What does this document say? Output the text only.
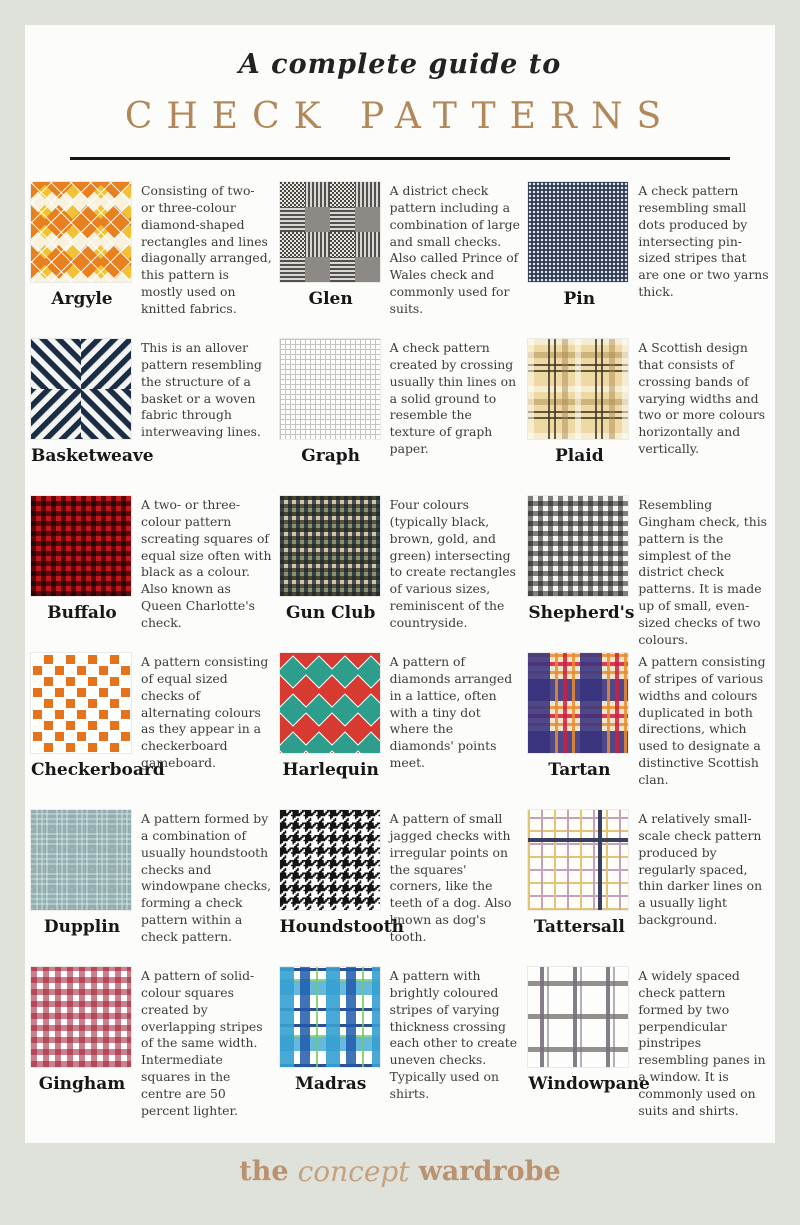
A complete guide to
CHECK PATTERNS
Argyle
Consisting of two- or three-colour diamond-shaped rectangles and lines diagonally arranged, this pattern is mostly used on knitted fabrics.	Glen
A district check pattern including a combination of large and small checks. Also called Prince of Wales check and commonly used for suits.	Pin
A check pattern resembling small dots produced by intersecting pin-sized stripes that are one or two yarns thick.
Basketweave
This is an allover pattern resembling the structure of a basket or a woven fabric through interweaving lines.
Graph
A check pattern created by crossing usually thin lines on a solid ground to resemble the texture of graph paper.	Plaid
A Scottish design that consists of crossing bands of varying widths and two or more colours horizontally and vertically.
Buffalo
A two- or three-colour pattern screating squares of equal size often with black as a colour. Also known as Queen Charlotte's check.	Gun Club
Four colours (typically black, brown, gold, and green) intersecting to create rectangles of various sizes, reminiscent of the countryside.	Shepherd's
Resembling Gingham check, this pattern is the simplest of the district check patterns. It is made up of small, even-sized checks of two colours.
Checkerboard
A pattern consisting of equal sized checks of alternating colours as they appear in a checkerboard gameboard.	Harlequin
A pattern of diamonds arranged in a lattice, often with a tiny dot where the diamonds' points meet.	Tartan
A pattern consisting of stripes of various widths and colours duplicated in both directions, which used to designate a distinctive Scottish clan.
Dupplin
A pattern formed by a combination of usually houndstooth checks and windowpane checks, forming a check pattern within a check pattern.	Houndstooth
A pattern of small jagged checks with irregular points on the squares' corners, like the teeth of a dog. Also known as dog's tooth.	Tattersall
A relatively small-scale check pattern produced by regularly spaced, thin darker lines on a usually light background.
Gingham
A pattern of solid-colour squares created by overlapping stripes of the same width. Intermediate squares in the centre are 50 percent lighter.
Madras
A pattern with brightly coloured stripes of varying thickness crossing each other to create uneven checks. Typically used on shirts.	Windowpane
A widely spaced check pattern formed by two perpendicular pinstripes resembling panes in a window. It is commonly used on suits and shirts.
the concept wardrobe
